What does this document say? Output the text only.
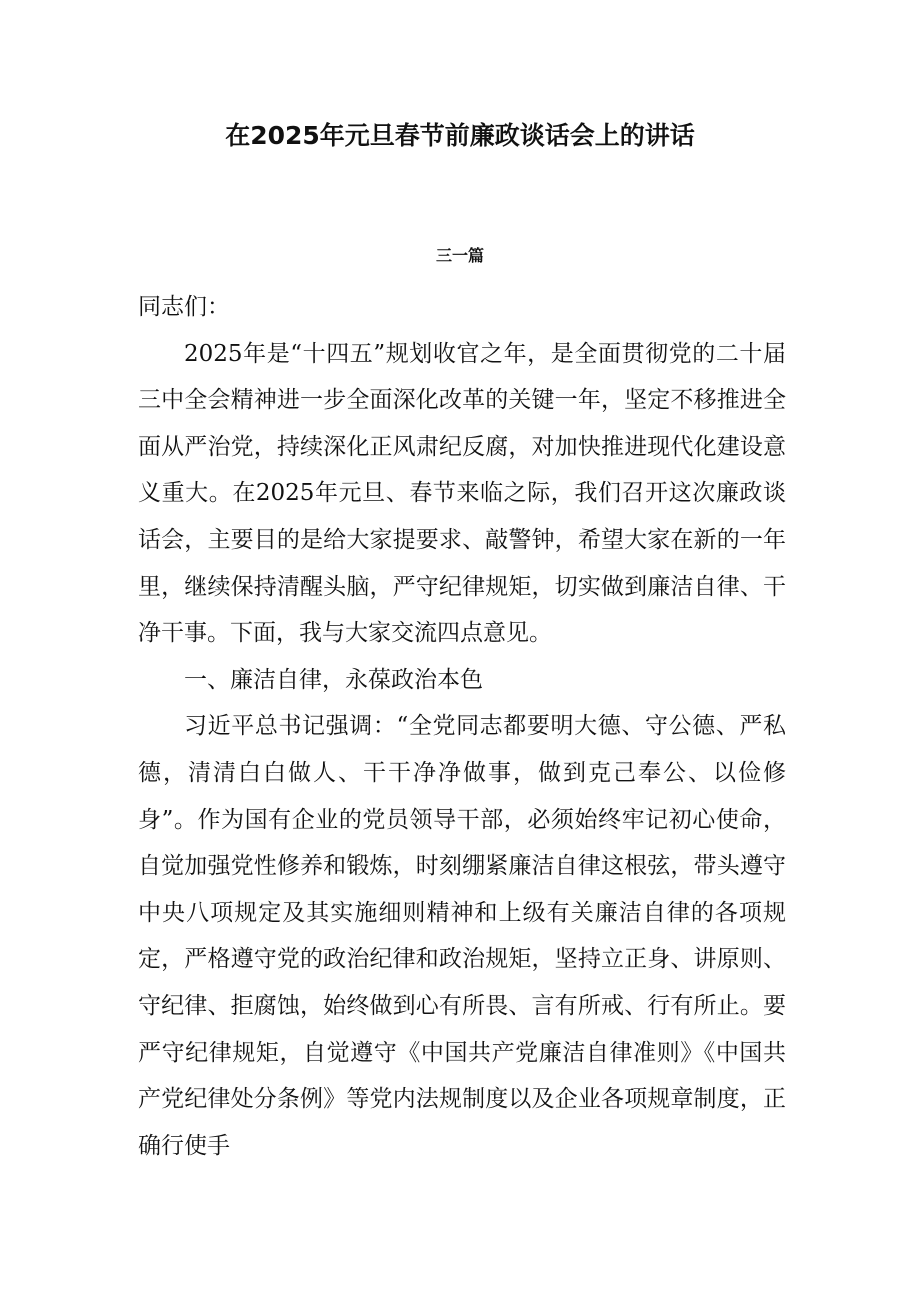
在2025年元旦春节前廉政谈话会上的讲话
三一篇

同志们：

2025年是“十四五”规划收官之年，是全面贯彻党的二十届三中全会精神进一步全面深化改革的关键一年，坚定不移推进全面从严治党，持续深化正风肃纪反腐，对加快推进现代化建设意义重大。在2025年元旦、春节来临之际，我们召开这次廉政谈话会，主要目的是给大家提要求、敲警钟，希望大家在新的一年里，继续保持清醒头脑，严守纪律规矩，切实做到廉洁自律、干净干事。下面，我与大家交流四点意见。

一、廉洁自律，永葆政治本色

习近平总书记强调：“全党同志都要明大德、守公德、严私德，清清白白做人、干干净净做事，做到克己奉公、以俭修身”。作为国有企业的党员领导干部，必须始终牢记初心使命，自觉加强党性修养和锻炼，时刻绷紧廉洁自律这根弦，带头遵守中央八项规定及其实施细则精神和上级有关廉洁自律的各项规定，严格遵守党的政治纪律和政治规矩，坚持立正身、讲原则、守纪律、拒腐蚀，始终做到心有所畏、言有所戒、行有所止。要严守纪律规矩，自觉遵守《中国共产党廉洁自律准则》《中国共产党纪律处分条例》等党内法规制度以及企业各项规章制度，正确行使手
